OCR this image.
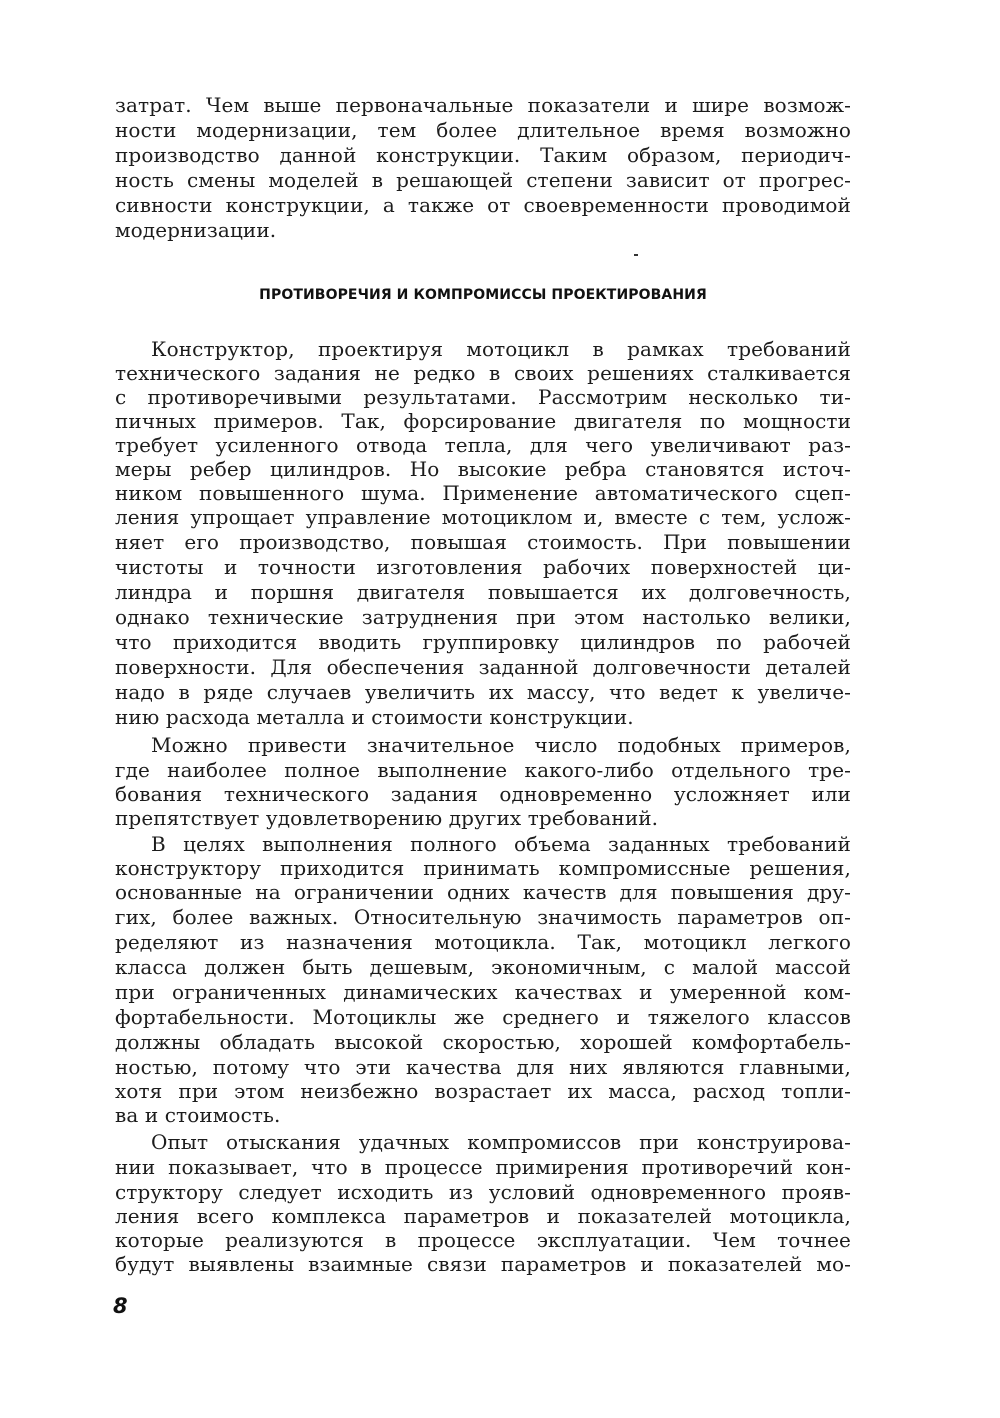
затрат. Чем выше первоначальные показатели и шире возмож-
ности модернизации, тем более длительное время возможно
производство данной конструкции. Таким образом, периодич-
ность смены моделей в решающей степени зависит от прогрес-
сивности конструкции, а также от своевременности проводимой
модернизации.
ПРОТИВОРЕЧИЯ И КОМПРОМИССЫ ПРОЕКТИРОВАНИЯ
Конструктор, проектируя мотоцикл в рамках требований
технического задания не редко в своих решениях сталкивается
с противоречивыми результатами. Рассмотрим несколько ти-
пичных примеров. Так, форсирование двигателя по мощности
требует усиленного отвода тепла, для чего увеличивают раз-
меры ребер цилиндров. Но высокие ребра становятся источ-
ником повышенного шума. Применение автоматического сцеп-
ления упрощает управление мотоциклом и, вместе с тем, услож-
няет его производство, повышая стоимость. При повышении
чистоты и точности изготовления рабочих поверхностей ци-
линдра и поршня двигателя повышается их долговечность,
однако технические затруднения при этом настолько велики,
что приходится вводить группировку цилиндров по рабочей
поверхности. Для обеспечения заданной долговечности деталей
надо в ряде случаев увеличить их массу, что ведет к увеличе-
нию расхода металла и стоимости конструкции.
Можно привести значительное число подобных примеров,
где наиболее полное выполнение какого-либо отдельного тре-
бования технического задания одновременно усложняет или
препятствует удовлетворению других требований.
В целях выполнения полного объема заданных требований
конструктору приходится принимать компромиссные решения,
основанные на ограничении одних качеств для повышения дру-
гих, более важных. Относительную значимость параметров оп-
ределяют из назначения мотоцикла. Так, мотоцикл легкого
класса должен быть дешевым, экономичным, с малой массой
при ограниченных динамических качествах и умеренной ком-
фортабельности. Мотоциклы же среднего и тяжелого классов
должны обладать высокой скоростью, хорошей комфортабель-
ностью, потому что эти качества для них являются главными,
хотя при этом неизбежно возрастает их масса, расход топли-
ва и стоимость.
Опыт отыскания удачных компромиссов при конструирова-
нии показывает, что в процессе примирения противоречий кон-
структору следует исходить из условий одновременного прояв-
ления всего комплекса параметров и показателей мотоцикла,
которые реализуются в процессе эксплуатации. Чем точнее
будут выявлены взаимные связи параметров и показателей мо-
8
